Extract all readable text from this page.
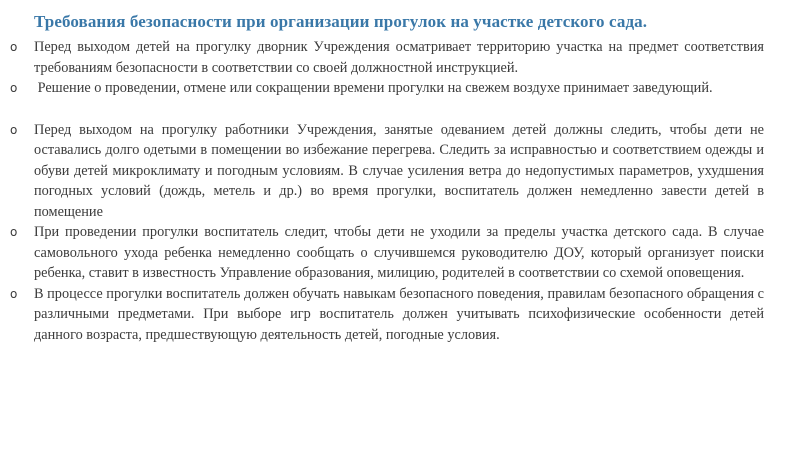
Требования безопасности при организации прогулок на участке детского сада.
o Перед выходом детей на прогулку дворник Учреждения осматривает территорию участка на предмет соответствия требованиям безопасности в соответствии со своей должностной инструкцией.
o Решение о проведении, отмене или сокращении времени прогулки на свежем воздухе принимает заведующий.
o Перед выходом на прогулку работники Учреждения, занятые одеванием детей должны следить, чтобы дети не оставались долго одетыми в помещении во избежание перегрева. Следить за исправностью и соответствием одежды и обуви детей микроклимату и погодным условиям. В случае усиления ветра до недопустимых параметров, ухудшения погодных условий (дождь, метель и др.) во время прогулки, воспитатель должен немедленно завести детей в помещение
o При проведении прогулки воспитатель следит, чтобы дети не уходили за пределы участка детского сада. В случае самовольного ухода ребенка немедленно сообщать о случившемся руководителю ДОУ, который организует поиски ребенка, ставит в известность Управление образования, милицию, родителей в соответствии со схемой оповещения.
o В процессе прогулки воспитатель должен обучать навыкам безопасного поведения, правилам безопасного обращения с различными предметами. При выборе игр воспитатель должен учитывать психофизические особенности детей данного возраста, предшествующую деятельность детей, погодные условия.
